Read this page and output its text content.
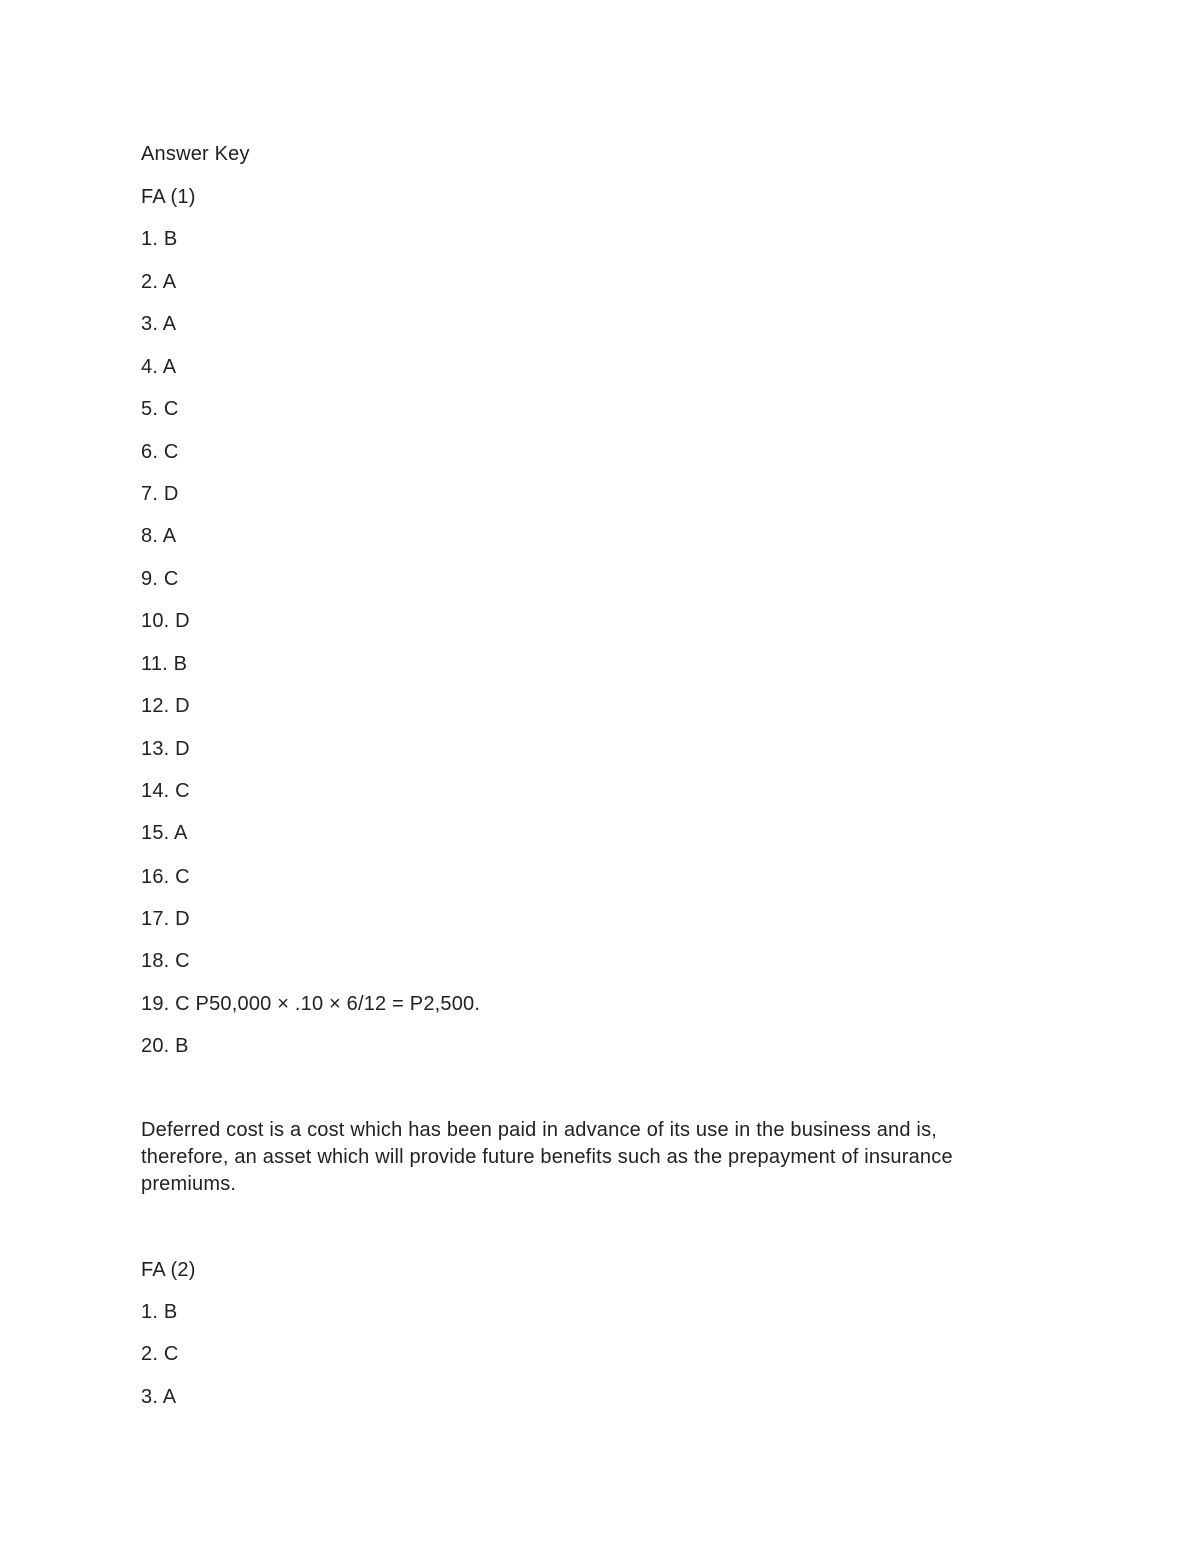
Answer Key
FA (1)
1. B
2. A
3. A
4. A
5. C
6. C
7. D
8. A
9. C
10. D
11. B
12. D
13. D
14. C
15. A
16. C
17. D
18. C
19. C P50,000 × .10 × 6/12 = P2,500.
20. B
Deferred cost is a cost which has been paid in advance of its use in the business and is, therefore, an asset which will provide future benefits such as the prepayment of insurance premiums.
FA (2)
1. B
2. C
3. A
